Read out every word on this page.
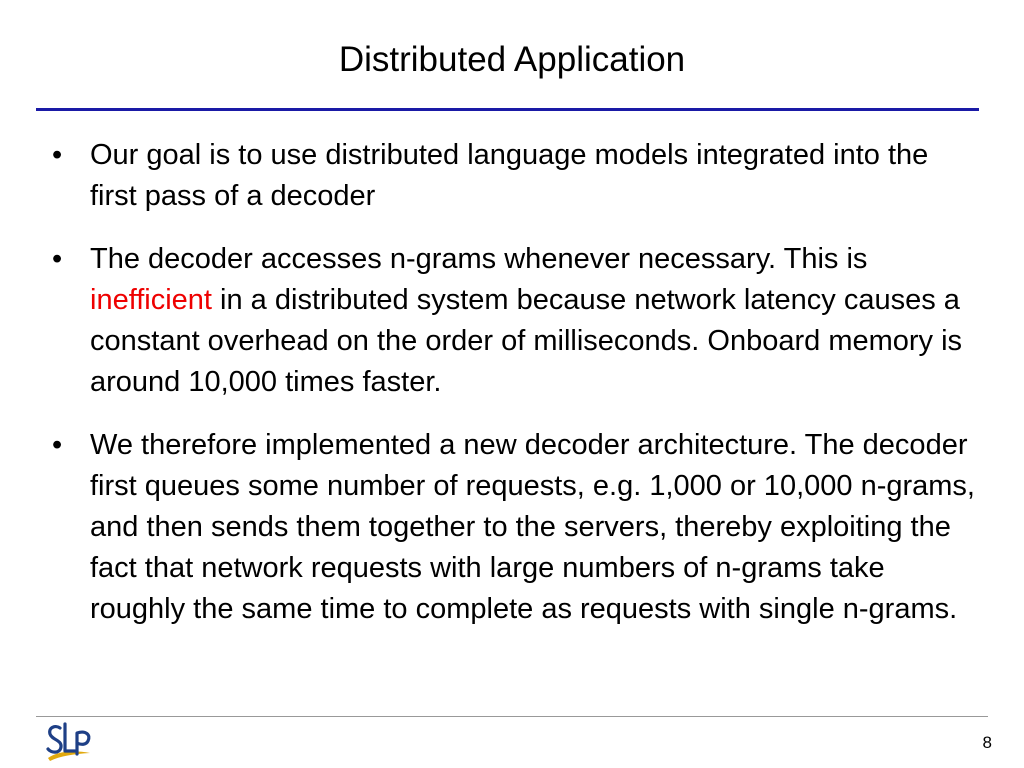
Distributed Application
• Our goal is to use distributed language models integrated into the first pass of a decoder
• The decoder accesses n-grams whenever necessary. This is inefficient in a distributed system because network latency causes a constant overhead on the order of milliseconds. Onboard memory is around 10,000 times faster.
• We therefore implemented a new decoder architecture. The decoder first queues some number of requests, e.g. 1,000 or 10,000 n-grams, and then sends them together to the servers, thereby exploiting the fact that network requests with large numbers of n-grams take roughly the same time to complete as requests with single n-grams.
8
